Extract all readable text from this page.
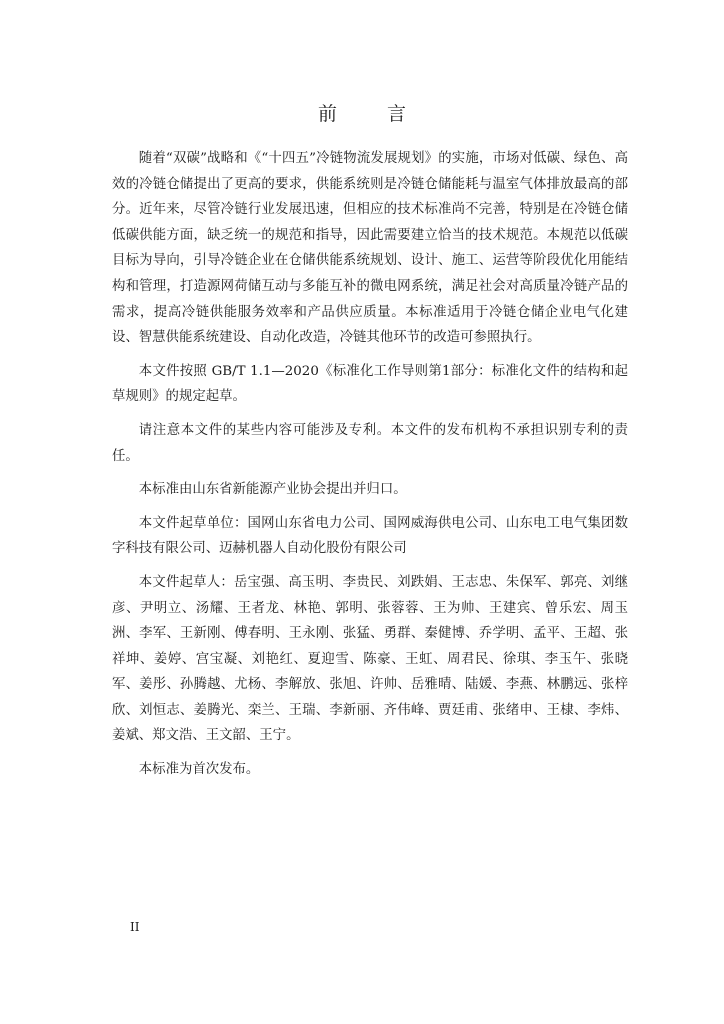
前 言

随着“双碳”战略和《“十四五”冷链物流发展规划》的实施，市场对低碳、绿色、高效的冷链仓储提出了更高的要求，供能系统则是冷链仓储能耗与温室气体排放最高的部分。近年来，尽管冷链行业发展迅速，但相应的技术标准尚不完善，特别是在冷链仓储低碳供能方面，缺乏统一的规范和指导，因此需要建立恰当的技术规范。本规范以低碳目标为导向，引导冷链企业在仓储供能系统规划、设计、施工、运营等阶段优化用能结构和管理，打造源网荷储互动与多能互补的微电网系统，满足社会对高质量冷链产品的需求，提高冷链供能服务效率和产品供应质量。本标准适用于冷链仓储企业电气化建设、智慧供能系统建设、自动化改造，冷链其他环节的改造可参照执行。

本文件按照 GB/T 1.1—2020《标准化工作导则第1部分：标准化文件的结构和起草规则》的规定起草。

请注意本文件的某些内容可能涉及专利。本文件的发布机构不承担识别专利的责任。

本标准由山东省新能源产业协会提出并归口。

本文件起草单位：国网山东省电力公司、国网威海供电公司、山东电工电气集团数字科技有限公司、迈赫机器人自动化股份有限公司

本文件起草人：岳宝强、高玉明、李贵民、刘跌娟、王志忠、朱保军、郭亮、刘继彦、尹明立、汤耀、王者龙、林艳、郭明、张蓉蓉、王为帅、王建宾、曾乐宏、周玉洲、李军、王新刚、傅春明、王永刚、张猛、勇群、秦健博、乔学明、孟平、王超、张祥坤、姜婷、宫宝凝、刘艳红、夏迎雪、陈豪、王虹、周君民、徐琪、李玉午、张晓军、姜彤、孙腾越、尤杨、李解放、张旭、许帅、岳雅晴、陆媛、李燕、林鹏远、张梓欣、刘恒志、姜腾光、栾兰、王瑞、李新丽、齐伟峰、贾廷甫、张绪申、王棣、李炜、姜斌、郑文浩、王文韶、王宁。

本标准为首次发布。

II
